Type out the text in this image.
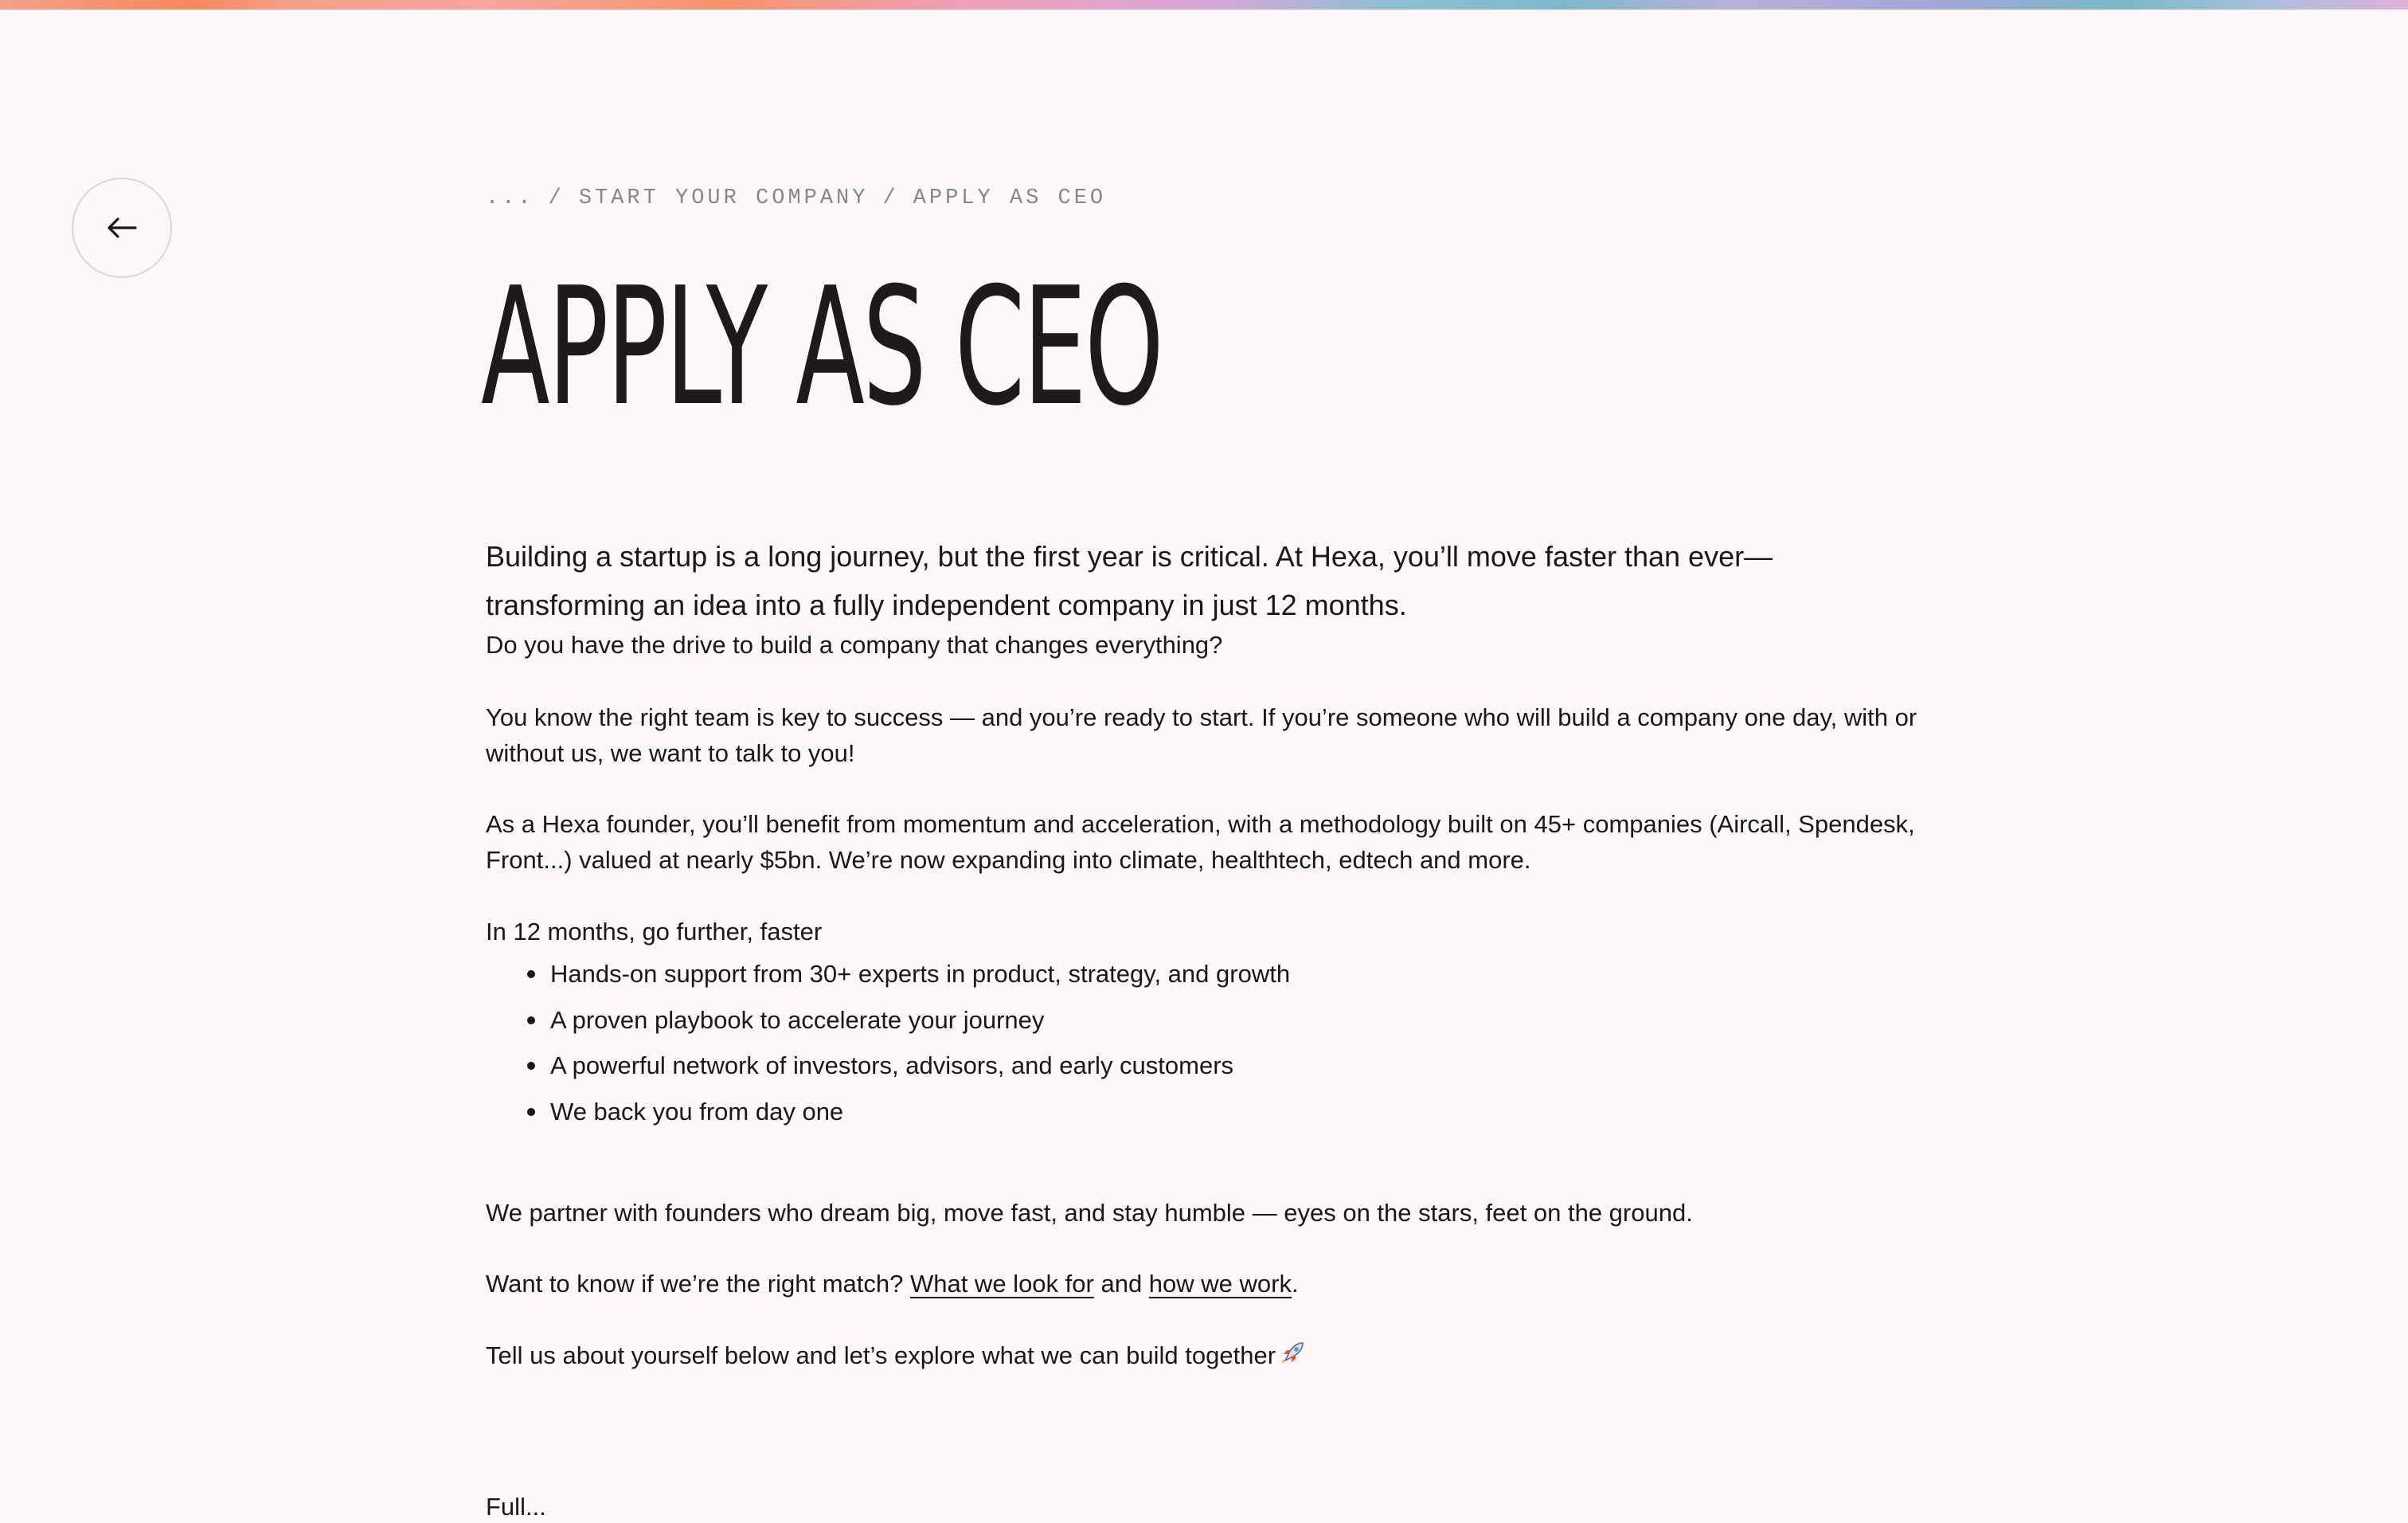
... / START YOUR COMPANY / APPLY AS CEO
APPLY AS CEO

Building a startup is a long journey, but the first year is critical. At Hexa, you’ll move faster than ever—transforming an idea into a fully independent company in just 12 months.

Do you have the drive to build a company that changes everything?

You know the right team is key to success — and you’re ready to start. If you’re someone who will build a company one day, with or without us, we want to talk to you!

As a Hexa founder, you’ll benefit from momentum and acceleration, with a methodology built on 45+ companies (Aircall, Spendesk, Front...) valued at nearly $5bn. We’re now expanding into climate, healthtech, edtech and more.

In 12 months, go further, faster

Hands-on support from 30+ experts in product, strategy, and growth
A proven playbook to accelerate your journey
A powerful network of investors, advisors, and early customers
We back you from day one

We partner with founders who dream big, move fast, and stay humble — eyes on the stars, feet on the ground.

Want to know if we’re the right match? What we look for and how we work.

Tell us about yourself below and let’s explore what we can build together

Full...
